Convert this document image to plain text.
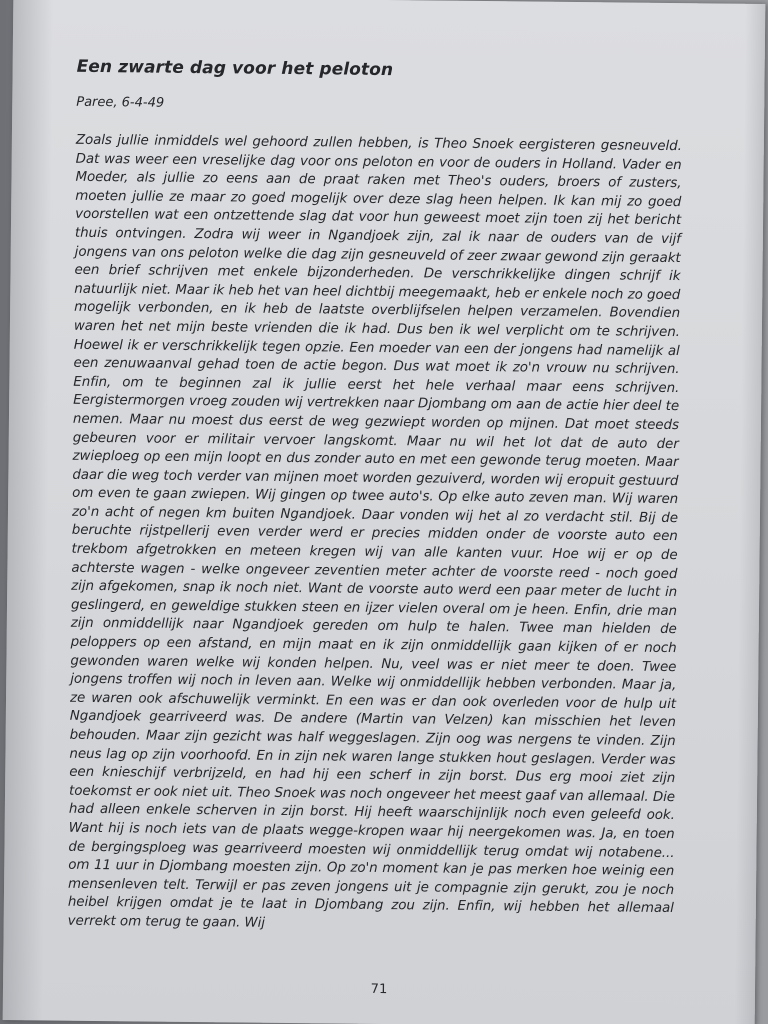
Een zwarte dag voor het peloton

Paree, 6-4-49

Zoals jullie inmiddels wel gehoord zullen hebben, is Theo Snoek eergisteren gesneuveld. Dat was weer een vreselijke dag voor ons peloton en voor de ouders in Holland. Vader en Moeder, als jullie zo eens aan de praat raken met Theo's ouders, broers of zusters, moeten jullie ze maar zo goed mogelijk over deze slag heen helpen. Ik kan mij zo goed voorstellen wat een ontzettende slag dat voor hun geweest moet zijn toen zij het bericht thuis ontvingen. Zodra wij weer in Ngandjoek zijn, zal ik naar de ouders van de vijf jongens van ons peloton welke die dag zijn gesneuveld of zeer zwaar gewond zijn geraakt een brief schrijven met enkele bijzonderheden. De verschrikkelijke dingen schrijf ik natuurlijk niet. Maar ik heb het van heel dichtbij meegemaakt, heb er enkele noch zo goed mogelijk verbonden, en ik heb de laatste overblijfselen helpen verzamelen. Bovendien waren het net mijn beste vrienden die ik had. Dus ben ik wel verplicht om te schrijven. Hoewel ik er verschrikkelijk tegen opzie. Een moeder van een der jongens had namelijk al een zenuwaanval gehad toen de actie begon. Dus wat moet ik zo'n vrouw nu schrijven. Enfin, om te beginnen zal ik jullie eerst het hele verhaal maar eens schrijven. Eergistermorgen vroeg zouden wij vertrekken naar Djombang om aan de actie hier deel te nemen. Maar nu moest dus eerst de weg gezwiept worden op mijnen. Dat moet steeds gebeuren voor er militair vervoer langskomt. Maar nu wil het lot dat de auto der zwieploeg op een mijn loopt en dus zonder auto en met een gewonde terug moeten. Maar daar die weg toch verder van mijnen moet worden gezuiverd, worden wij eropuit gestuurd om even te gaan zwiepen. Wij gingen op twee auto's. Op elke auto zeven man. Wij waren zo'n acht of negen km buiten Ngandjoek. Daar vonden wij het al zo verdacht stil. Bij de beruchte rijstpellerij even verder werd er precies midden onder de voorste auto een trekbom afgetrokken en meteen kregen wij van alle kanten vuur. Hoe wij er op de achterste wagen - welke ongeveer zeventien meter achter de voorste reed - noch goed zijn afgekomen, snap ik noch niet. Want de voorste auto werd een paar meter de lucht in geslingerd, en geweldige stukken steen en ijzer vielen overal om je heen. Enfin, drie man zijn onmiddellijk naar Ngandjoek gereden om hulp te halen. Twee man hielden de peloppers op een afstand, en mijn maat en ik zijn onmiddellijk gaan kijken of er noch gewonden waren welke wij konden helpen. Nu, veel was er niet meer te doen. Twee jongens troffen wij noch in leven aan. Welke wij onmiddellijk hebben verbonden. Maar ja, ze waren ook afschuwelijk verminkt. En een was er dan ook overleden voor de hulp uit Ngandjoek gearriveerd was. De andere (Martin van Velzen) kan misschien het leven behouden. Maar zijn gezicht was half weggeslagen. Zijn oog was nergens te vinden. Zijn neus lag op zijn voorhoofd. En in zijn nek waren lange stukken hout geslagen. Verder was een knieschijf verbrijzeld, en had hij een scherf in zijn borst. Dus erg mooi ziet zijn toekomst er ook niet uit. Theo Snoek was noch ongeveer het meest gaaf van allemaal. Die had alleen enkele scherven in zijn borst. Hij heeft waarschijnlijk noch even geleefd ook. Want hij is noch iets van de plaats wegge-kropen waar hij neergekomen was. Ja, en toen de bergingsploeg was gearriveerd moesten wij onmiddellijk terug omdat wij notabene... om 11 uur in Djombang moesten zijn. Op zo'n moment kan je pas merken hoe weinig een mensenleven telt. Terwijl er pas zeven jongens uit je compagnie zijn gerukt, zou je noch heibel krijgen omdat je te laat in Djombang zou zijn. Enfin, wij hebben het allemaal verrekt om terug te gaan. Wij

71
